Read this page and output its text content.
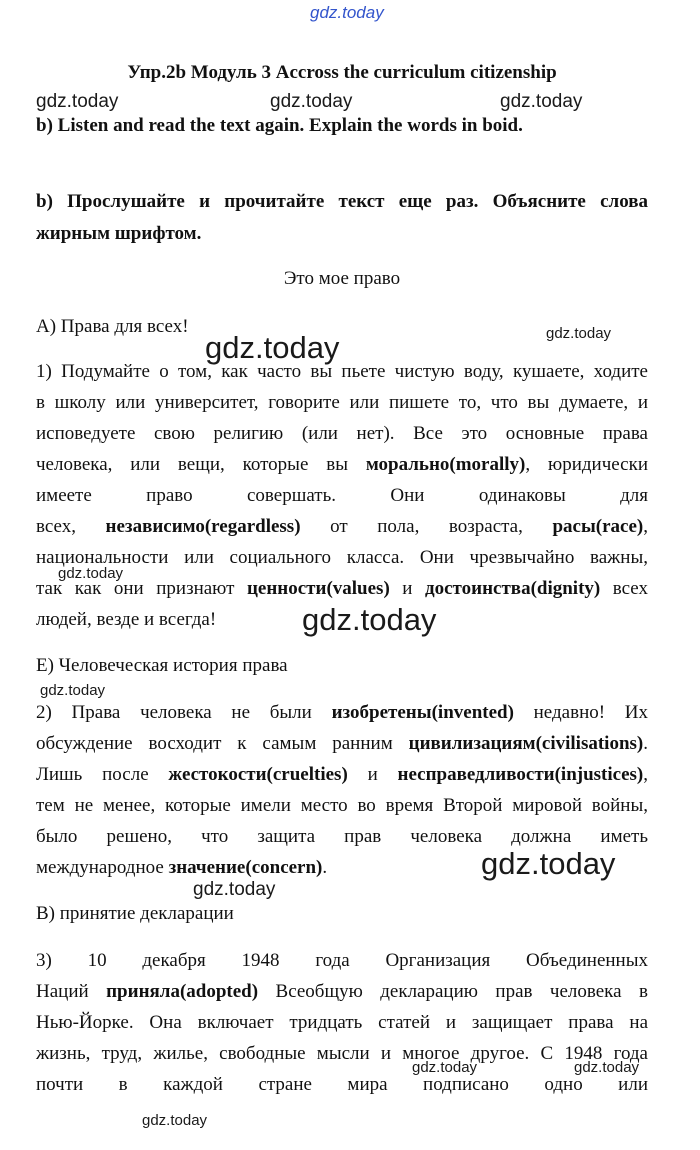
gdz.today
gdz.today	gdz.today	gdz.today
gdz.today
gdz.today
gdz.today
gdz.today
gdz.today
gdz.today
gdz.today
gdz.today	gdz.today
gdz.today
Упр.2b Модуль 3 Accross the curriculum citizenship
b) Listen and read the text again. Explain the words in boid.
b) Прослушайте и прочитайте текст еще раз. Объясните слова
жирным шрифтом.
Это мое право
А) Права для всех!
1) Подумайте о том, как часто вы пьете чистую воду, кушаете, ходите
в школу или университет, говорите или пишете то, что вы думаете, и
исповедуете свою религию (или нет). Все это основные права
человека, или вещи, которые вы морально(morally), юридически
имеете право совершать. Они одинаковы для
всех, независимо(regardless) от пола, возраста, расы(race),
национальности или социального класса. Они чрезвычайно важны,
так как они признают ценности(values) и достоинства(dignity) всех
людей, везде и всегда!
Е) Человеческая история права
2) Права человека не были изобретены(invented) недавно! Их
обсуждение восходит к самым ранним цивилизациям(civilisations).
Лишь после жестокости(cruelties) и несправедливости(injustices),
тем не менее, которые имели место во время Второй мировой войны,
было решено, что защита прав человека должна иметь
международное значение(concern).
В) принятие декларации
3) 10 декабря 1948 года Организация Объединенных
Наций приняла(adopted) Всеобщую декларацию прав человека в
Нью-Йорке. Она включает тридцать статей и защищает права на
жизнь, труд, жилье, свободные мысли и многое другое. С 1948 года
почти в каждой стране мира подписано одно или
